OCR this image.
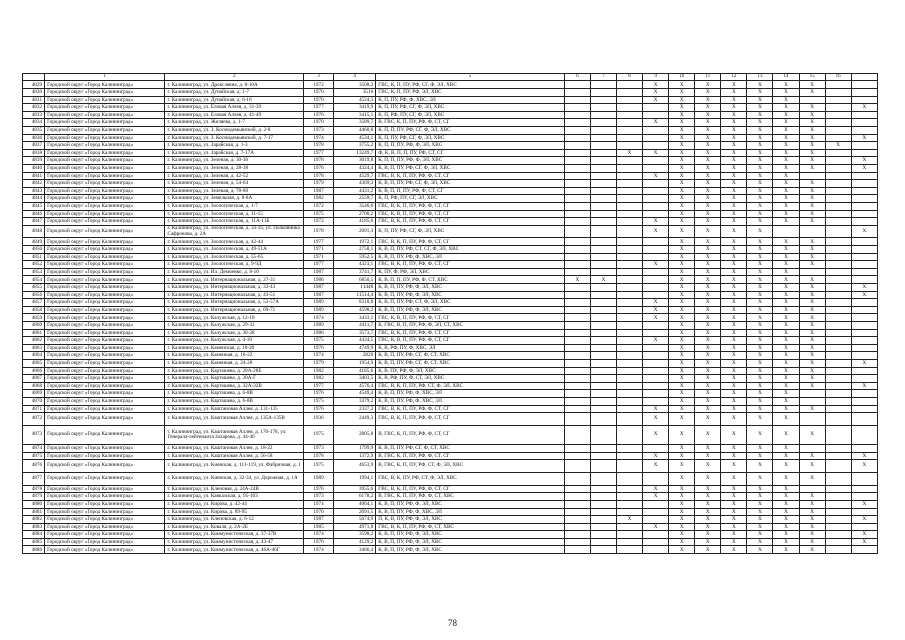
	1	2	3	4	5	6	7	8	9	10	11	12	13	14	15	16	
4829	Городской округ «Город Калининград»	г. Калининград, ул. Дрокслевна, д. 8-10А	1972	3508,2	ГВС, К, П, ПУ, РФ, СГ, Ф, ЭЛ, ХВС				X	X	X	X	X	X	X		
4830	Городской округ «Город Калининград»	г. Калининград, ул. Дунайская, д. 1-7	1970	3516	ГВС, К, П, ПУ, РФ, ЭЛ, ХВС				X	X	X	X	X	X	X		
4831	Городской округ «Город Калининград»	г. Калининград, ул. Дунайская, д. 6-16	1970	4524,3	К, П, ПУ, РФ, Ф, ХВС, ЭЛ				X	X	X	X	X	X			
4832	Городской округ «Город Калининград»	г. Калининград, ул. Еловая Аллея, д. 31-39	1977	3419,9	К, П, ПУ, РФ, СГ, Ф, ЭЛ, ХВС					X	X	X	X	X	X		X
4833	Городской округ «Город Калининград»	г. Калининград, ул. Еловая Аллея, д. 41-49	1976	3415,1	К, П, РФ, ПУ, СГ, Ф, ЭЛ, ХВС					X	X	X	X	X	X		
4834	Городской округ «Город Калининград»	г. Калининград, ул. Жиляева, д. 1-7	1970	3589,7	В, ГВС, К, П, ПУ, РФ, Ф, СТ, СГ				X	X	X	X	X	X	X		
4835	Городской округ «Город Калининград»	г. Калининград, ул. З. Космодемьянской, д. 2-8	1973	4460,8	К, П, П, ПУ, РФ, СГ, Ф, ЭЛ, ХВС					X	X	X	X	X	X		
4836	Городской округ «Город Калининград»	г. Калининград, ул. З. Космодемьянской, д. 7-17	1974	4534,1	К, П, ПУ, РФ, СГ, Ф, ЭЛ, ХВС					X	X	X	X	X	X		X
4837	Городской округ «Город Калининград»	г. Калининград, ул. Зарайская, д. 1-3	1978	3755,2	К, П, П, ПУ, РФ, Ф, ЭЛ, ХВС					X	X	X	X	X	X	X	
4838	Городской округ «Город Калининград»	г. Калининград, ул. Зарайская, д. 7-17А	1977	13249,7	Ф, К, В, П, П, ПУ, РФ, СТ, СГ			X	X	X	X	X	X	X	X		
4839	Городской округ «Город Калининград»	г. Калининград, ул. Зеленая, д. 30-36	1978	3019,8	К, П, П, ПУ, РФ, Ф, ЭЛ, ХВС					X	X	X	X	X	X		X
4840	Городской округ «Город Калининград»	г. Калининград, ул. Зеленая, д. 28-38	1976	4324,4	К, В, П, ПУ, РФ, СГ, Ф, ЭЛ, ХВС					X	X	X	X	X	X		X
4841	Городской округ «Город Калининград»	г. Калининград, ул. Зеленая, д. 42-52	1978	4529,7	ГВС, В, К, П, ПУ, РФ, Ф, СТ, СГ				X	X	X	X	X	X			
4842	Городской округ «Город Калининград»	г. Калининград, ул. Зеленая, д. 54-64	1979	4369,3	К, В, П, ПУ, РФ, СГ, Ф, ЭЛ, ХВС					X	X	X	X	X	X		
4843	Городской округ «Город Калининград»	г. Калининград, ул. Зеленая, д. 78-80	1987	4431,2	К, В, П, П, ПУ, РФ, Ф, СТ, СГ					X	X	X	X	X	X		
4844	Городской округ «Город Калининград»	г. Калининград, ул. Земельная, д. 8-8А	1982	2559,7	К, П, РФ, ПУ, СГ, ЭЛ, ХВС					X	X	X	X	X	X		
4845	Городской округ «Город Калининград»	г. Калининград, ул. Зоологическая, д. 1-7	1972	3546,6	ГВС, В, К, П, ПУ, РФ, Ф, СТ, СГ					X	X	X	X	X	X		
4846	Городской округ «Город Калининград»	г. Калининград, ул. Зоологическая, д. 11-15	1975	2700,2	ГВС, К, В, П, ПУ, РФ, Ф, СТ, СГ					X	X	X	X	X	X		
4847	Городской округ «Город Калининград»	г. Калининград, ул. Зоологическая, д. 11А-11Б	1972	4185,6	ГВС, В, К, П, ПУ, РФ, Ф, СТ, СГ				X	X	X	X	X	X	X		
4848	Городской округ «Город Калининград»	г. Калининград, ул. Зоологическая, д. 33-35, ул. Полковника Сафронова, д. 2А	1978	2091,3	К, П, ПУ, РФ, СГ, Ф, ЭЛ, ХВС				X	X	X	X	X				X
4849	Городской округ «Город Калининград»	г. Калининград, ул. Зоологическая, д. 42-44	1977	1972,1	ГВС, В, К, П, ПУ, РФ, Ф, СТ, СГ					X	X	X	X	X	X		
4850	Городской округ «Город Калининград»	г. Калининград, ул. Зоологическая, д. 49-51А	1971	2758,1	К, В, П, ПУ, РФ, СТ, СГ, Ф, ЭЛ, ХВС					X	X	X	X	X	X		
4851	Городской округ «Город Калининград»	г. Калининград, ул. Зоологическая, д. 55-65	1971	5952,5	К, В, П, ПУ, РФ, Ф, ХВС, ЭЛ					X	X	X	X	X	X		
4852	Городской округ «Город Калининград»	г. Калининград, ул. Зоологическая, д. 9-9Д	1977	4323,1	ГВС, В, К, П, ПУ, РФ, Ф, СТ, СГ				X	X	X	X	X	X	X		
4853	Городской округ «Город Калининград»	г. Калининград, ул. Ил. Демченко, д. 8-10	1987	3741,7	К, ПУ, Ф, РФ, ЭЛ, ХВС					X	X	X	X	X			
4854	Городской округ «Город Калининград»	г. Калининград, ул. Интернациональная, д. 27-31	1986	6850,5	К, В, П, П, ПУ, РФ, Ф, СТ, ХВС	X	X			X	X	X	X	X	X		
4855	Городской округ «Город Калининград»	г. Калининград, ул. Интернациональная, д. 33-43	1987	11448	К, В, П, ПУ, РФ, Ф, ЭЛ, ХВС					X	X	X	X	X	X		X
4856	Городской округ «Город Калининград»	г. Калининград, ул. Интернациональная, д. 43-51	1987	11514,4	К, В, П, ПУ, РФ, Ф, ЭЛ, ХВС					X	X	X	X	X	X		X
4857	Городской округ «Город Калининград»	г. Калининград, ул. Интернациональная, д. 53-57А	1989	8318,8	К, В, П, ПУ, РФ, СТ, Ф, ЭЛ, ХВС				X	X	X	X	X	X	X		
4858	Городской округ «Город Калининград»	г. Калининград, ул. Интернациональная, д. 69-71	1989	4598,2	К, В, П, ПУ, РФ, Ф, ЭЛ, ХВС				X	X	X	X	X	X	X		
4859	Городской округ «Город Калининград»	г. Калининград, ул. Калужская, д. 12-18	1974	3433,1	ГВС, К, В, П, ПУ, РФ, Ф, СТ, СГ				X	X	X	X	X	X	X		
4860	Городской округ «Город Калининград»	г. Калининград, ул. Калужская, д. 29-31	1989	4411,7	К, ГВС, В, П, ПУ, РФ, Ф, ЭЛ, СТ, ХВС					X	X	X	X	X	X		
4861	Городской округ «Город Калининград»	г. Калининград, ул. Калужская, д. 30-38	1986	3573,7	ГВС, В, К, П, ПУ, РФ, Ф, СТ, СГ					X	X	X	X	X	X		
4862	Городской округ «Город Калининград»	г. Калининград, ул. Калужская, д. 4-10	1975	4434,5	ГВС, К, В, П, ПУ, РФ, Ф, СТ, СГ				X	X	X	X	X	X	X		
4863	Городской округ «Город Калининград»	г. Калининград, ул. Каменская, д. 10-20	1976	4749,9	К, В, РФ, ПУ, Ф, ХВС, ЭЛ					X	X	X	X	X	X		
4864	Городской округ «Город Калининград»	г. Калининград, ул. Каменная, д. 16-22	1974	2826	К, В, П, ПУ, РФ, СГ, Ф, СТ, ХВС					X	X	X	X	X	X		
4865	Городской округ «Город Калининград»	г. Калининград, ул. Каменная, д. 24-28	1979	1954,9	К, В, П, ПУ, РФ, СГ, Ф, СТ, ХВС					X	X	X	X	X	X		X
4866	Городской округ «Город Калининград»	г. Калининград, ул. Карташева, д. 28А-28Е	1982	4185,6	К, В, ПУ, РФ, Ф, ЭЛ, ХВС					X	X	X	X	X	X		
4867	Городской округ «Город Калининград»	г. Калининград, ул. Карташева, д. 30А-Г	1982	3403,5	К, В, РФ, ПУ, Ф, СТ, ЭЛ, ХВС					X	X	X	X	X	X		
4868	Городской округ «Город Калининград»	г. Калининград, ул. Карташева, д. 32А-32В	1977	4576,4	ГВС, В, К, П, ПУ, РФ, СТ, Ф, ЭЛ, ХВС					X	X	X	X	X	X		X
4869	Городской округ «Город Калининград»	г. Калининград, ул. Карташева, д. 6-8В	1976	4549,4	К, В, П, ПУ, РФ, Ф, ХВС, ЭЛ					X	X	X	X	X			
4870	Городской округ «Город Калининград»	г. Калининград, ул. Карташева, д. 6-8В	1975	3379,2	К, В, П, ПУ, РФ, Ф, ХВС, ЭЛ					X	X	X	X	X			
4871	Городской округ «Город Калининград»	г. Калининград, ул. Каштановая Аллея, д. 131-135	1976	2337,3	ГВС, В, К, П, ПУ, РФ, Ф, СТ, СГ				X	X	X	X	X	X	X		
4872	Городской округ «Город Калининград»	г. Калининград, ул. Каштановая Аллея, д. 135А-135В	1936	2449,3	ГВС, В, К, П, ПУ, РФ, Ф, СТ, СГ				X	X	X	X	X	X			
4873	Городской округ «Город Калининград»	г. Калининград, ул. Каштановая Аллея, д. 176-178, ул. Генерала-лейтенанта Захарова, д. 44-46	1975	2805,8	В, ГВС, К, П, ПУ, РФ, Ф, СТ, СГ				X	X	X	X	X	X	X		
4874	Городской округ «Город Калининград»	г. Калининград, ул. Каштановая Аллея, д. 18-22	1973	1799,9	К, В, П, ПУ, РФ, СГ, Ф, СТ, ХВС					X	X	X	X	X			
4875	Городской округ «Город Калининград»	г. Калининград, ул. Каштановая Аллея, д. 56-58	1978	1372,9	В, ГВС, К, П, ПУ, РФ, Ф, СТ, СГ				X	X	X	X	X	X	X		X
4876	Городской округ «Город Калининград»	г. Калининград, ул. Киевская, д. 111-119, ул. Фабричная, д. 1	1975	4653,9	В, ГВС, К, П, ПУ, РФ, СТ, Ф, ЭЛ, ХВС				X	X	X	X	X	X	X		X
4877	Городской округ «Город Калининград»	г. Калининград, ул. Киевская, д. 32-34, ул. Дорожная, д. 1А	1989	1994,1	ГВС, В, К, ПУ, РФ, СТ, Ф, ЭЛ, ХВС					X	X	X	X	X	X		
4878	Городской округ «Город Калининград»	г. Калининград, ул. Кленовая, д. 24А-24В	1976	3955,6	ГВС, В, К, П, ПУ, РФ, Ф, СТ, СГ				X	X	X	X	X	X			
4879	Городской округ «Город Калининград»	г. Калининград, ул. Кавказская, д. 95-103	1973	6178,2	В, ГВС, К, П, ПУ, РФ, Ф, СТ, ХВС				X	X	X	X	X	X	X		
4880	Городской округ «Город Калининград»	г. Калининград, ул. Кирова, д. 42-44	1974	4064,1	К, В, П, ПУ, РФ, Ф, ЭЛ, ХВС					X	X	X	X	X	X		X
4881	Городской округ «Город Калининград»	г. Калининград, ул. Кирова, д. 89-95	1970	2691,5	К, В, П, ПУ, РФ, Ф, ХВС, ЭЛ					X	X	X	X	X	X		
4882	Городской округ «Город Калининград»	г. Калининград, ул. Кленовская, д. 6-12	1987	5674,9	П, К, В, ПУ, РФ, Ф, ЭЛ, ХВС			X		X	X	X	X	X	X		X
4883	Городской округ «Город Калининград»	г. Калининград, ул. Коваля, д. 2А-2Е	1985	4971,8	ГВС, В, К, П, ПУ, РФ, Ф, СТ, ХВС				X	X	X	X	X	X	X		
4884	Городской округ «Город Калининград»	г. Калининград, ул. Коммунистическая, д. 37-37В	1974	3598,2	К, В, П, ПУ, РФ, Ф, ЭЛ, ХВС					X	X	X	X	X	X		X
4885	Городской округ «Город Калининград»	г. Калининград, ул. Коммунистическая, д. 43-47	1976	4129,2	К, В, П, ПУ, РФ, Ф, ЭЛ, ХВС					X	X	X	X	X	X		X
4886	Городской округ «Город Калининград»	г. Калининград, ул. Коммунистическая, д. 46А-46Г	1974	3466,4	К, В, П, ПУ, РФ, Ф, ЭЛ, ХВС					X	X	X	X	X	X		
78
